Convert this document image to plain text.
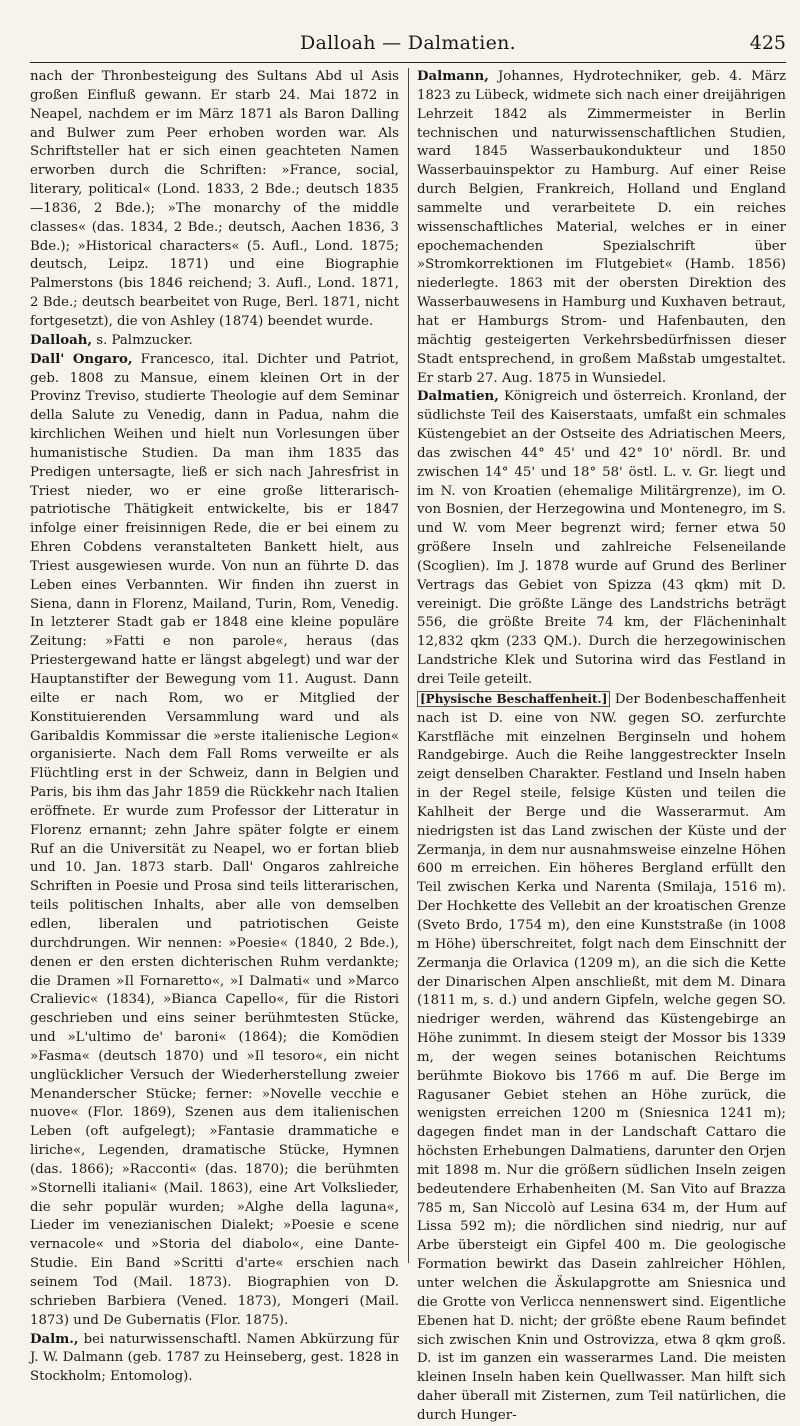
Dalloah — Dalmatien.	425

nach der Thronbesteigung des Sultans Abd ul Asis großen Einfluß gewann. Er starb 24. Mai 1872 in Neapel, nachdem er im März 1871 als Baron Dalling and Bulwer zum Peer erhoben worden war. Als Schriftsteller hat er sich einen geachteten Namen erworben durch die Schriften: »France, social, literary, political« (Lond. 1833, 2 Bde.; deutsch 1835—1836, 2 Bde.); »The monarchy of the middle classes« (das. 1834, 2 Bde.; deutsch, Aachen 1836, 3 Bde.); »Historical characters« (5. Aufl., Lond. 1875; deutsch, Leipz. 1871) und eine Biographie Palmerstons (bis 1846 reichend; 3. Aufl., Lond. 1871, 2 Bde.; deutsch bearbeitet von Ruge, Berl. 1871, nicht fortgesetzt), die von Ashley (1874) beendet wurde.

Dalloah, s. Palmzucker.

Dall' Ongaro, Francesco, ital. Dichter und Patriot, geb. 1808 zu Mansue, einem kleinen Ort in der Provinz Treviso, studierte Theologie auf dem Seminar della Salute zu Venedig, dann in Padua, nahm die kirchlichen Weihen und hielt nun Vorlesungen über humanistische Studien. Da man ihm 1835 das Predigen untersagte, ließ er sich nach Jahresfrist in Triest nieder, wo er eine große litterarisch-patriotische Thätigkeit entwickelte, bis er 1847 infolge einer freisinnigen Rede, die er bei einem zu Ehren Cobdens veranstalteten Bankett hielt, aus Triest ausgewiesen wurde. Von nun an führte D. das Leben eines Verbannten. Wir finden ihn zuerst in Siena, dann in Florenz, Mailand, Turin, Rom, Venedig. In letzterer Stadt gab er 1848 eine kleine populäre Zeitung: »Fatti e non parole«, heraus (das Priestergewand hatte er längst abgelegt) und war der Hauptanstifter der Bewegung vom 11. August. Dann eilte er nach Rom, wo er Mitglied der Konstituierenden Versammlung ward und als Garibaldis Kommissar die »erste italienische Legion« organisierte. Nach dem Fall Roms verweilte er als Flüchtling erst in der Schweiz, dann in Belgien und Paris, bis ihm das Jahr 1859 die Rückkehr nach Italien eröffnete. Er wurde zum Professor der Litteratur in Florenz ernannt; zehn Jahre später folgte er einem Ruf an die Universität zu Neapel, wo er fortan blieb und 10. Jan. 1873 starb. Dall' Ongaros zahlreiche Schriften in Poesie und Prosa sind teils litterarischen, teils politischen Inhalts, aber alle von demselben edlen, liberalen und patriotischen Geiste durchdrungen. Wir nennen: »Poesie« (1840, 2 Bde.), denen er den ersten dichterischen Ruhm verdankte; die Dramen »Il Fornaretto«, »I Dalmati« und »Marco Cralievic« (1834), »Bianca Capello«, für die Ristori geschrieben und eins seiner berühmtesten Stücke, und »L'ultimo de' baroni« (1864); die Komödien »Fasma« (deutsch 1870) und »Il tesoro«, ein nicht unglücklicher Versuch der Wiederherstellung zweier Menanderscher Stücke; ferner: »Novelle vecchie e nuove« (Flor. 1869), Szenen aus dem italienischen Leben (oft aufgelegt); »Fantasie drammatiche e liriche«, Legenden, dramatische Stücke, Hymnen (das. 1866); »Racconti« (das. 1870); die berühmten »Stornelli italiani« (Mail. 1863), eine Art Volkslieder, die sehr populär wurden; »Alghe della laguna«, Lieder im venezianischen Dialekt; »Poesie e scene vernacole« und »Storia del diabolo«, eine Dante-Studie. Ein Band »Scritti d'arte« erschien nach seinem Tod (Mail. 1873). Biographien von D. schrieben Barbiera (Vened. 1873), Mongeri (Mail. 1873) und De Gubernatis (Flor. 1875).

Dalm., bei naturwissenschaftl. Namen Abkürzung für J. W. Dalmann (geb. 1787 zu Heinseberg, gest. 1828 in Stockholm; Entomolog).

Dalmann, Johannes, Hydrotechniker, geb. 4. März 1823 zu Lübeck, widmete sich nach einer dreijährigen Lehrzeit 1842 als Zimmermeister in Berlin technischen und naturwissenschaftlichen Studien, ward 1845 Wasserbaukondukteur und 1850 Wasserbauinspektor zu Hamburg. Auf einer Reise durch Belgien, Frankreich, Holland und England sammelte und verarbeitete D. ein reiches wissenschaftliches Material, welches er in einer epochemachenden Spezialschrift über »Stromkorrektionen im Flutgebiet« (Hamb. 1856) niederlegte. 1863 mit der obersten Direktion des Wasserbauwesens in Hamburg und Kuxhaven betraut, hat er Hamburgs Strom- und Hafenbauten, den mächtig gesteigerten Verkehrsbedürfnissen dieser Stadt entsprechend, in großem Maßstab umgestaltet. Er starb 27. Aug. 1875 in Wunsiedel.

Dalmatien, Königreich und österreich. Kronland, der südlichste Teil des Kaiserstaats, umfaßt ein schmales Küstengebiet an der Ostseite des Adriatischen Meers, das zwischen 44° 45' und 42° 10' nördl. Br. und zwischen 14° 45' und 18° 58' östl. L. v. Gr. liegt und im N. von Kroatien (ehemalige Militärgrenze), im O. von Bosnien, der Herzegowina und Montenegro, im S. und W. vom Meer begrenzt wird; ferner etwa 50 größere Inseln und zahlreiche Felseneilande (Scoglien). Im J. 1878 wurde auf Grund des Berliner Vertrags das Gebiet von Spizza (43 qkm) mit D. vereinigt. Die größte Länge des Landstrichs beträgt 556, die größte Breite 74 km, der Flächeninhalt 12,832 qkm (233 QM.). Durch die herzegowinischen Landstriche Klek und Sutorina wird das Festland in drei Teile geteilt.

[Physische Beschaffenheit.] Der Bodenbeschaffenheit nach ist D. eine von NW. gegen SO. zerfurchte Karstfläche mit einzelnen Berginseln und hohem Randgebirge. Auch die Reihe langgestreckter Inseln zeigt denselben Charakter. Festland und Inseln haben in der Regel steile, felsige Küsten und teilen die Kahlheit der Berge und die Wasserarmut. Am niedrigsten ist das Land zwischen der Küste und der Zermanja, in dem nur ausnahmsweise einzelne Höhen 600 m erreichen. Ein höheres Bergland erfüllt den Teil zwischen Kerka und Narenta (Smilaja, 1516 m). Der Hochkette des Vellebit an der kroatischen Grenze (Sveto Brdo, 1754 m), den eine Kunststraße (in 1008 m Höhe) überschreitet, folgt nach dem Einschnitt der Zermanja die Orlavica (1209 m), an die sich die Kette der Dinarischen Alpen anschließt, mit dem M. Dinara (1811 m, s. d.) und andern Gipfeln, welche gegen SO. niedriger werden, während das Küstengebirge an Höhe zunimmt. In diesem steigt der Mossor bis 1339 m, der wegen seines botanischen Reichtums berühmte Biokovo bis 1766 m auf. Die Berge im Ragusaner Gebiet stehen an Höhe zurück, die wenigsten erreichen 1200 m (Sniesnica 1241 m); dagegen findet man in der Landschaft Cattaro die höchsten Erhebungen Dalmatiens, darunter den Orjen mit 1898 m. Nur die größern südlichen Inseln zeigen bedeutendere Erhabenheiten (M. San Vito auf Brazza 785 m, San Niccolò auf Lesina 634 m, der Hum auf Lissa 592 m); die nördlichen sind niedrig, nur auf Arbe übersteigt ein Gipfel 400 m. Die geologische Formation bewirkt das Dasein zahlreicher Höhlen, unter welchen die Äskulapgrotte am Sniesnica und die Grotte von Verlicca nennenswert sind. Eigentliche Ebenen hat D. nicht; der größte ebene Raum befindet sich zwischen Knin und Ostrovizza, etwa 8 qkm groß. D. ist im ganzen ein wasserarmes Land. Die meisten kleinen Inseln haben kein Quellwasser. Man hilft sich daher überall mit Zisternen, zum Teil natürlichen, die durch Hunger-
